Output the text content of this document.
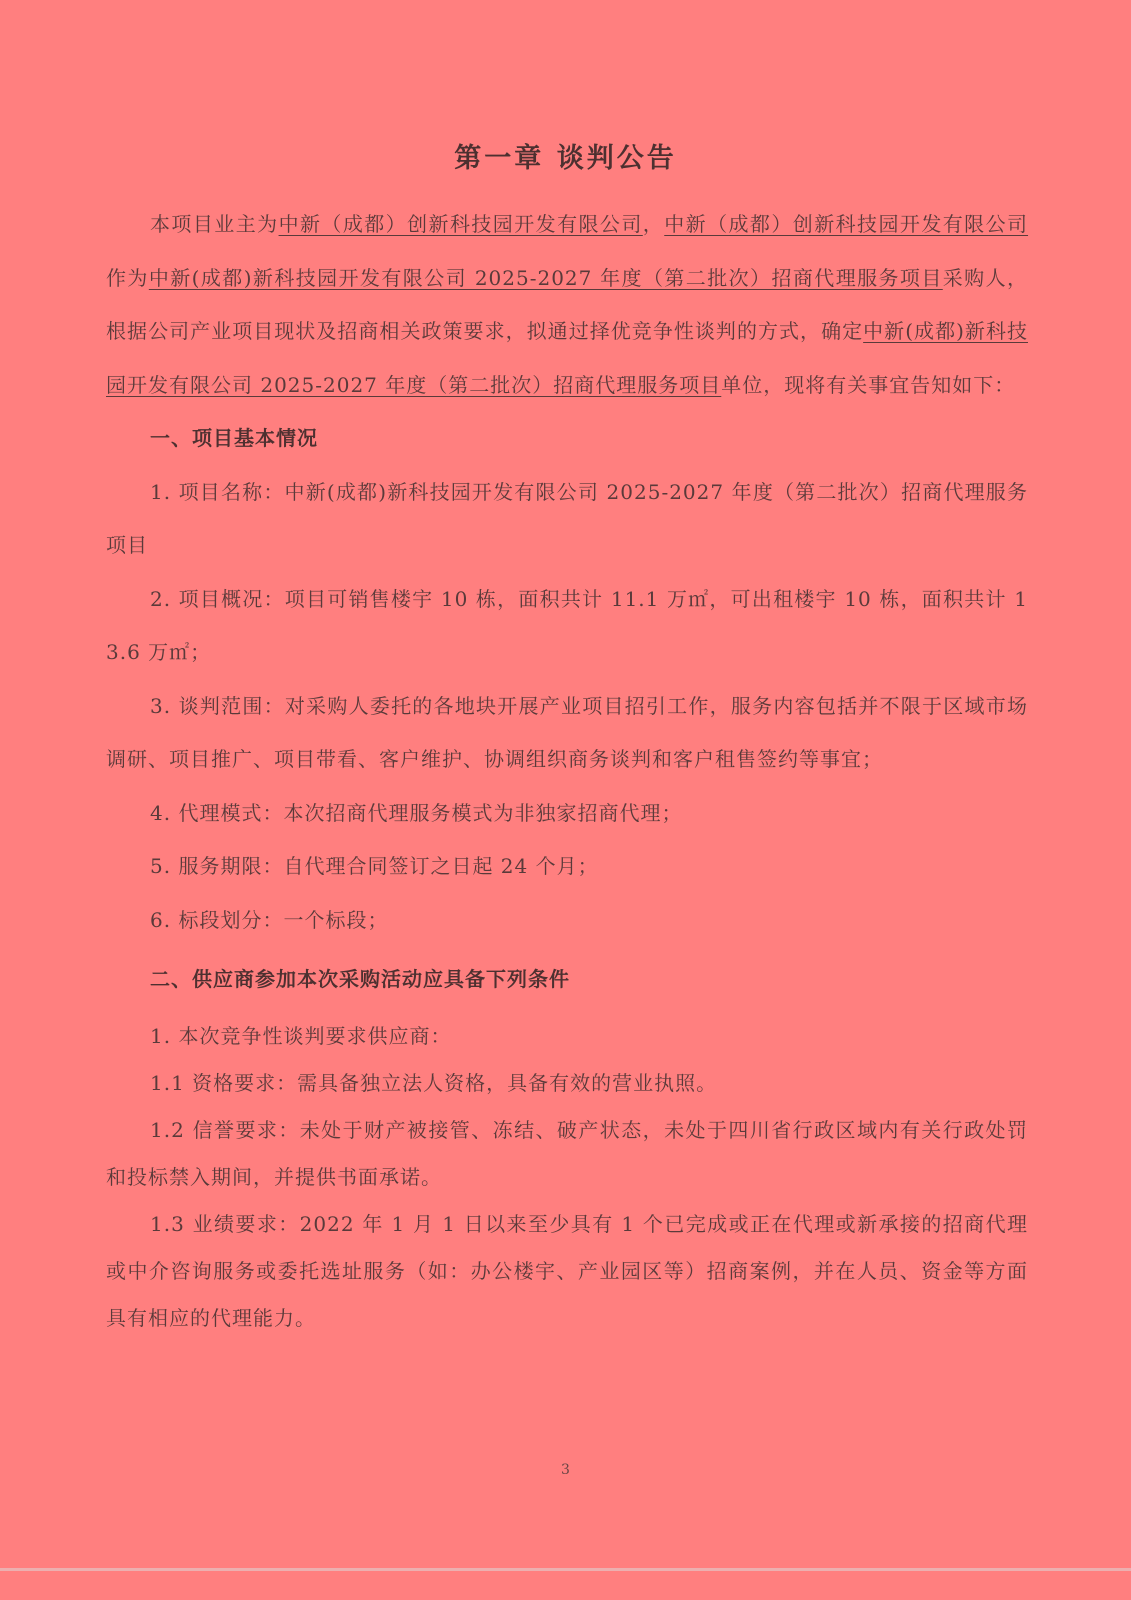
第一章 谈判公告

本项目业主为中新（成都）创新科技园开发有限公司，中新（成都）创新科技园开发有限公司作为中新(成都)新科技园开发有限公司 2025-2027 年度（第二批次）招商代理服务项目采购人，根据公司产业项目现状及招商相关政策要求，拟通过择优竞争性谈判的方式，确定中新(成都)新科技园开发有限公司 2025-2027 年度（第二批次）招商代理服务项目单位，现将有关事宜告知如下：

一、项目基本情况

1. 项目名称：中新(成都)新科技园开发有限公司 2025-2027 年度（第二批次）招商代理服务项目

2. 项目概况：项目可销售楼宇 10 栋，面积共计 11.1 万㎡，可出租楼宇 10 栋，面积共计 13.6 万㎡；

3. 谈判范围：对采购人委托的各地块开展产业项目招引工作，服务内容包括并不限于区域市场调研、项目推广、项目带看、客户维护、协调组织商务谈判和客户租售签约等事宜；

4. 代理模式：本次招商代理服务模式为非独家招商代理；

5. 服务期限：自代理合同签订之日起 24 个月；

6. 标段划分：一个标段；

二、供应商参加本次采购活动应具备下列条件

1. 本次竞争性谈判要求供应商：

1.1 资格要求：需具备独立法人资格，具备有效的营业执照。

1.2 信誉要求：未处于财产被接管、冻结、破产状态，未处于四川省行政区域内有关行政处罚和投标禁入期间，并提供书面承诺。

1.3 业绩要求：2022 年 1 月 1 日以来至少具有 1 个已完成或正在代理或新承接的招商代理或中介咨询服务或委托选址服务（如：办公楼宇、产业园区等）招商案例，并在人员、资金等方面具有相应的代理能力。

3
